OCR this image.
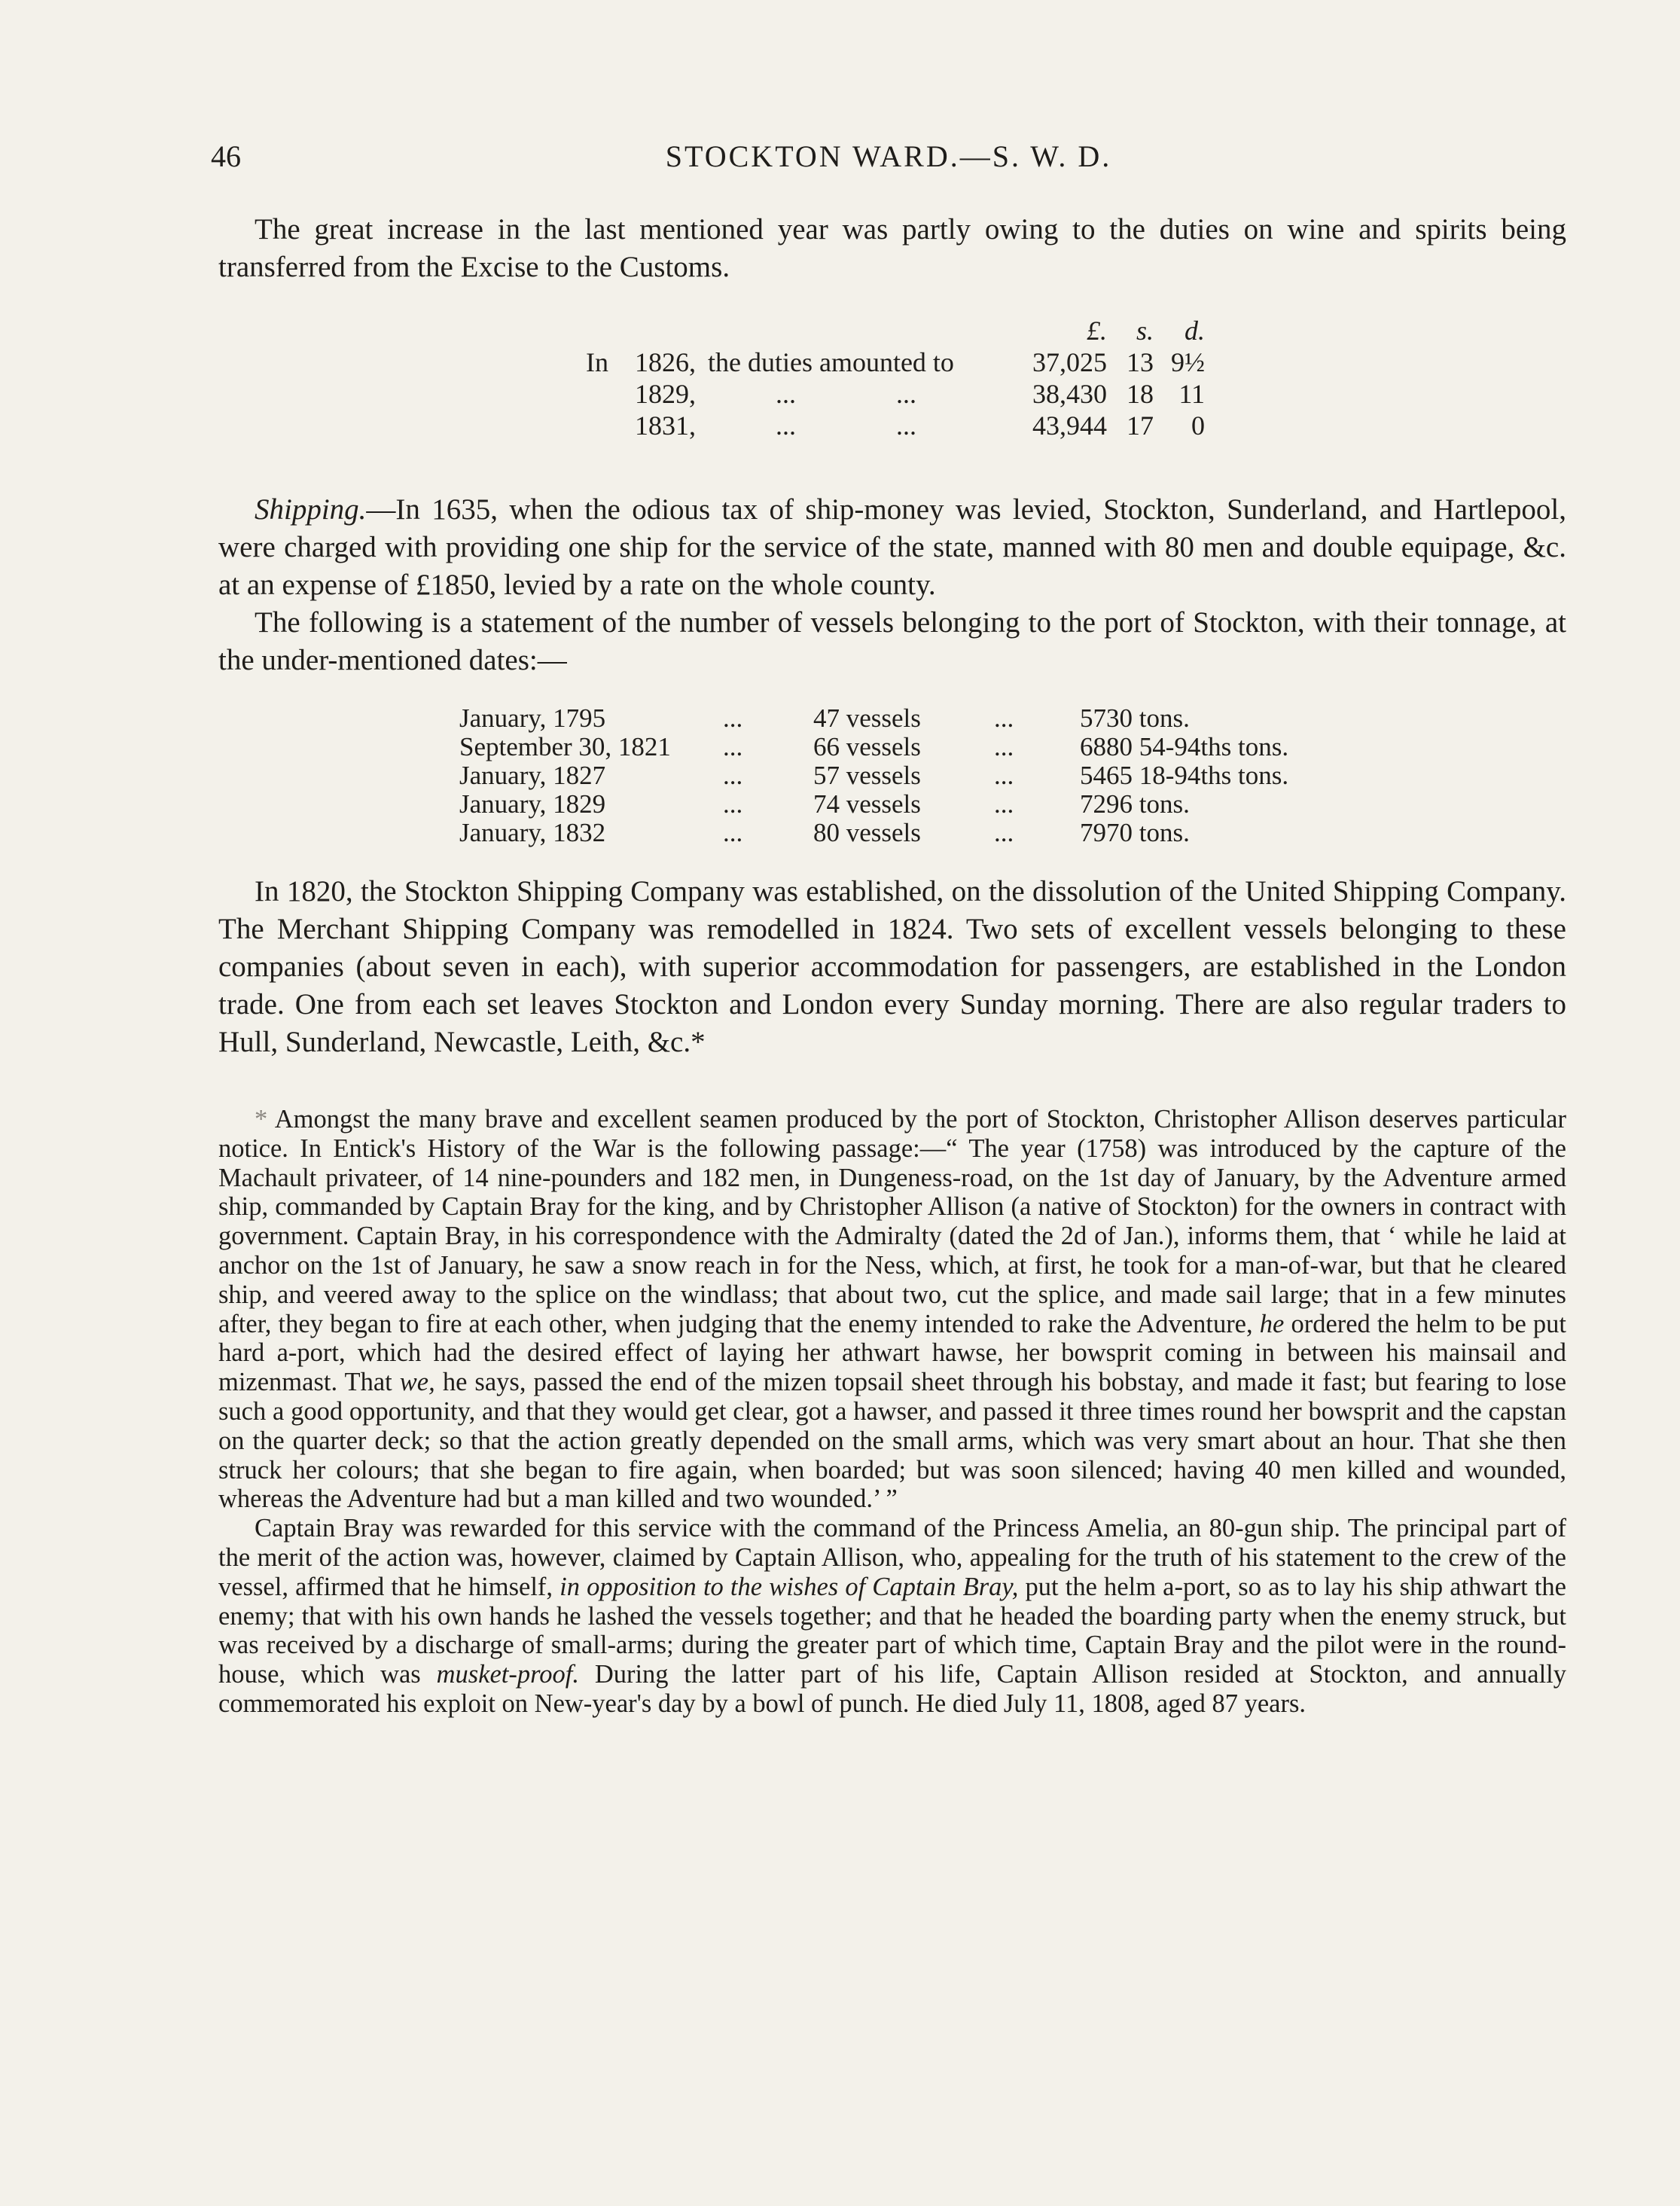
46	STOCKTON WARD.—S. W. D.

The great increase in the last mentioned year was partly owing to the duties on wine and spirits being transferred from the Excise to the Customs.

£.	s.	d.
In 1826, the duties amounted to	37,025 13 9½
1829,	...	...	38,430 18 11
1831,	...	...	43,944 17	0

Shipping.—In 1635, when the odious tax of ship-money was levied, Stockton, Sunderland, and Hartlepool, were charged with providing one ship for the service of the state, manned with 80 men and double equipage, &c. at an expense of £1850, levied by a rate on the whole county.

The following is a statement of the number of vessels belonging to the port of Stockton, with their tonnage, at the under-mentioned dates:—

January, 1795	...	47 vessels	...	5730 tons.
September 30, 1821 ...	66 vessels	...	6880 54-94ths tons.
January, 1827	...	57 vessels	...	5465 18-94ths tons.
January, 1829	...	74 vessels	...	7296 tons.
January, 1832	...	80 vessels	...	7970 tons.

In 1820, the Stockton Shipping Company was established, on the dissolution of the United Shipping Company. The Merchant Shipping Company was remodelled in 1824. Two sets of excellent vessels belonging to these companies (about seven in each), with superior accommodation for passengers, are established in the London trade. One from each set leaves Stockton and London every Sunday morning. There are also regular traders to Hull, Sunderland, Newcastle, Leith, &c.*

* Amongst the many brave and excellent seamen produced by the port of Stockton, Christopher Allison deserves particular notice. In Entick's History of the War is the following passage:—“ The year (1758) was introduced by the capture of the Machault privateer, of 14 nine-pounders and 182 men, in Dungeness-road, on the 1st day of January, by the Adventure armed ship, commanded by Captain Bray for the king, and by Christopher Allison (a native of Stockton) for the owners in contract with government. Captain Bray, in his correspondence with the Admiralty (dated the 2d of Jan.), informs them, that ‘ while he laid at anchor on the 1st of January, he saw a snow reach in for the Ness, which, at first, he took for a man-of-war, but that he cleared ship, and veered away to the splice on the windlass; that about two, cut the splice, and made sail large; that in a few minutes after, they began to fire at each other, when judging that the enemy intended to rake the Adventure, he ordered the helm to be put hard a-port, which had the desired effect of laying her athwart hawse, her bowsprit coming in between his mainsail and mizenmast. That we, he says, passed the end of the mizen topsail sheet through his bobstay, and made it fast; but fearing to lose such a good opportunity, and that they would get clear, got a hawser, and passed it three times round her bowsprit and the capstan on the quarter deck; so that the action greatly depended on the small arms, which was very smart about an hour. That she then struck her colours; that she began to fire again, when boarded; but was soon silenced; having 40 men killed and wounded, whereas the Adventure had but a man killed and two wounded.’ ”

Captain Bray was rewarded for this service with the command of the Princess Amelia, an 80-gun ship. The principal part of the merit of the action was, however, claimed by Captain Allison, who, appealing for the truth of his statement to the crew of the vessel, affirmed that he himself, in opposition to the wishes of Captain Bray, put the helm a-port, so as to lay his ship athwart the enemy; that with his own hands he lashed the vessels together; and that he headed the boarding party when the enemy struck, but was received by a discharge of small-arms; during the greater part of which time, Captain Bray and the pilot were in the round-house, which was musket-proof. During the latter part of his life, Captain Allison resided at Stockton, and annually commemorated his exploit on New-year's day by a bowl of punch. He died July 11, 1808, aged 87 years.
